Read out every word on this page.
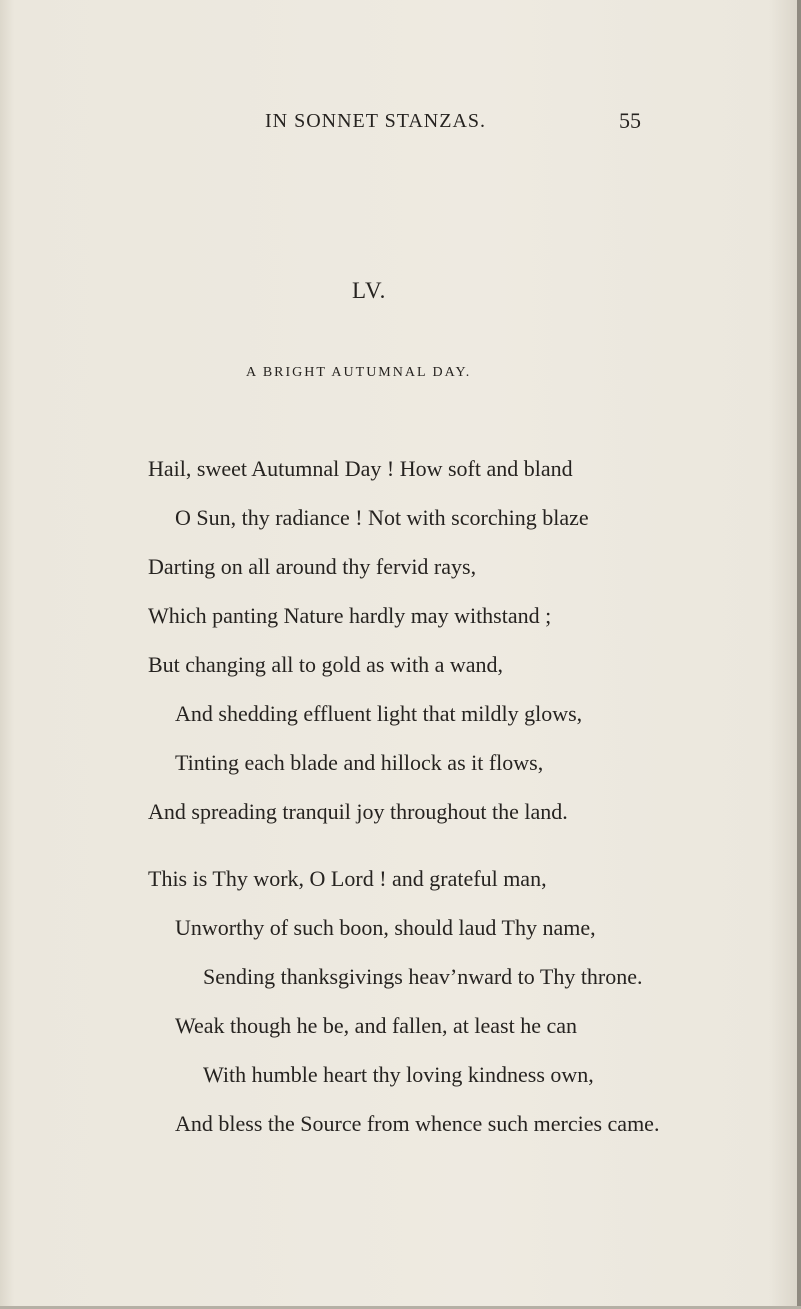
IN SONNET STANZAS.	55
LV.
A BRIGHT AUTUMNAL DAY.
Hail, sweet Autumnal Day ! How soft and bland
O Sun, thy radiance ! Not with scorching blaze
Darting on all around thy fervid rays,
Which panting Nature hardly may withstand ;
But changing all to gold as with a wand,
And shedding effluent light that mildly glows,
Tinting each blade and hillock as it flows,
And spreading tranquil joy throughout the land.
This is Thy work, O Lord ! and grateful man,
Unworthy of such boon, should laud Thy name,
Sending thanksgivings heav’nward to Thy throne.
Weak though he be, and fallen, at least he can
With humble heart thy loving kindness own,
And bless the Source from whence such mercies came.
